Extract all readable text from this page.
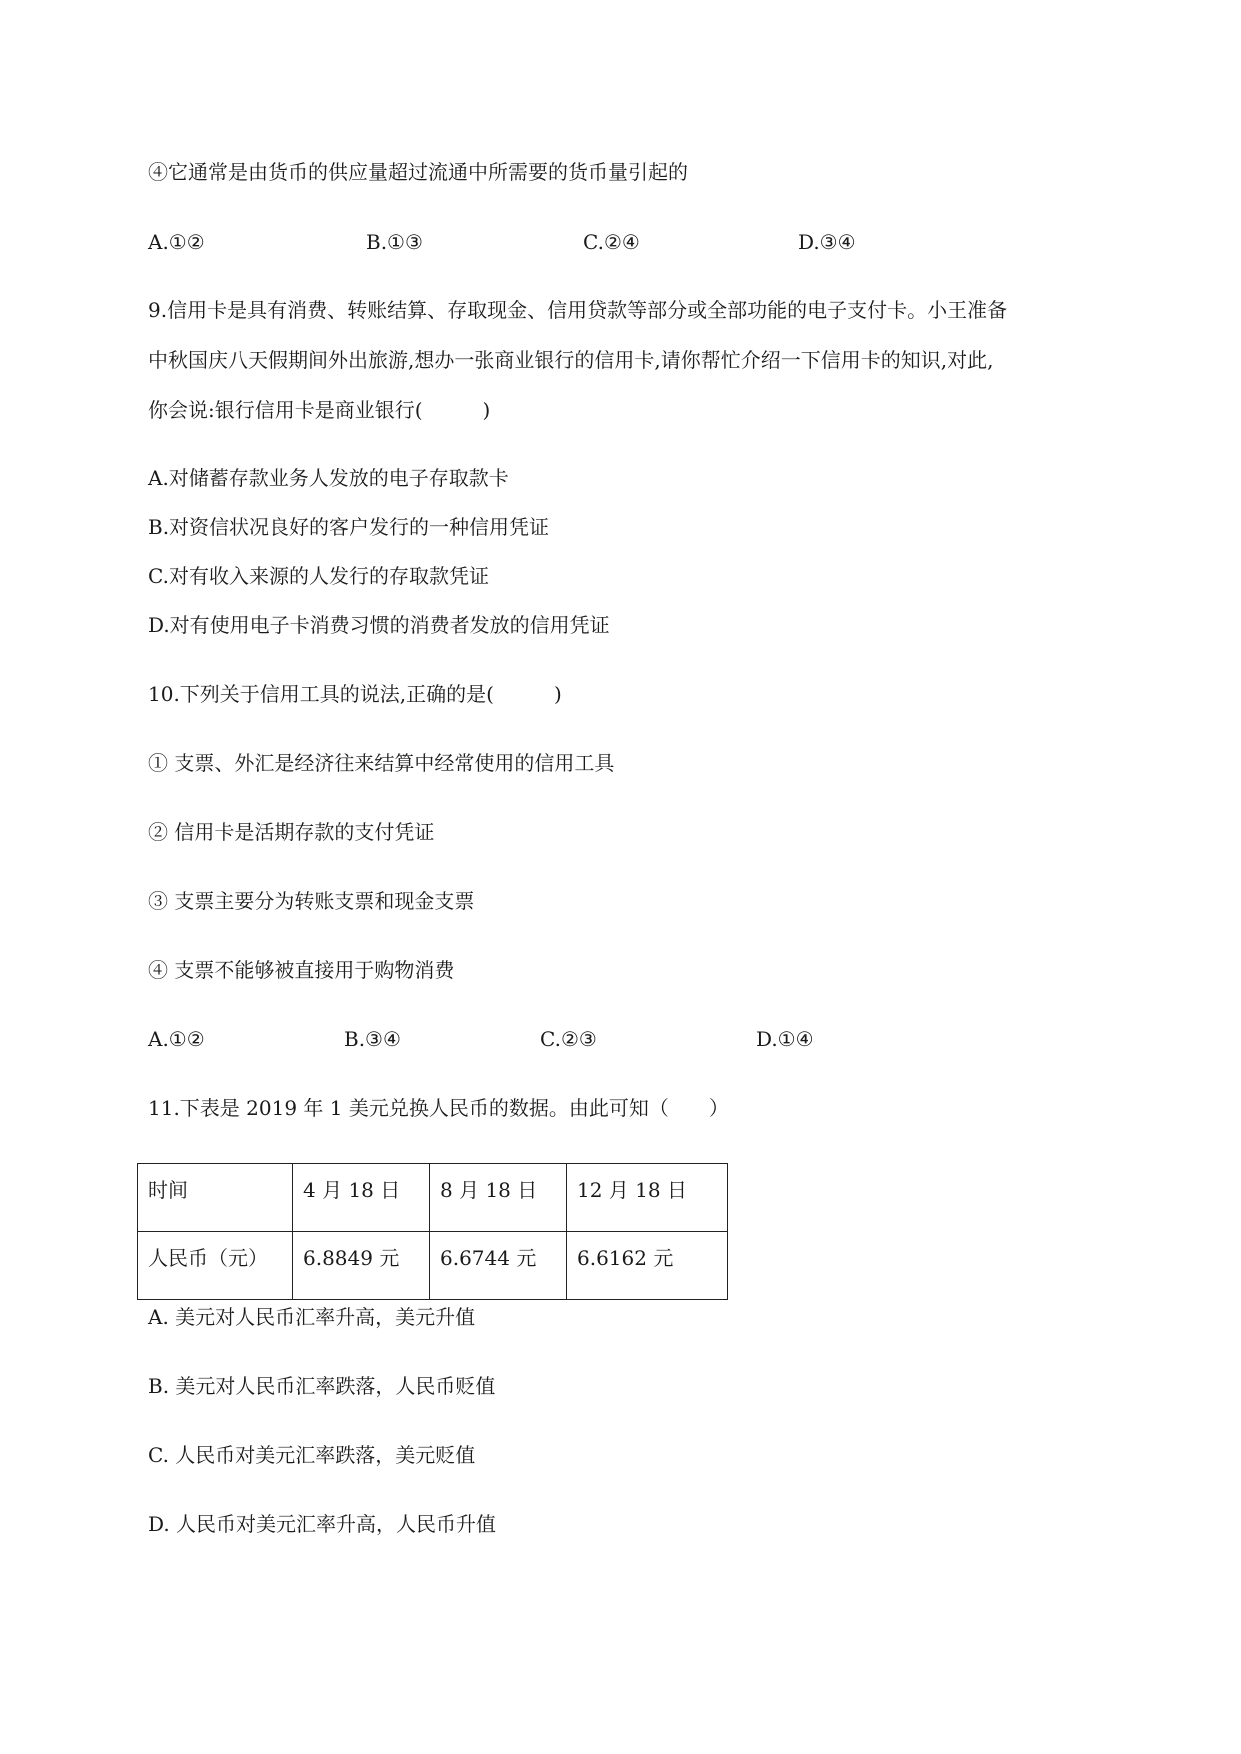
④它通常是由货币的供应量超过流通中所需要的货币量引起的
A.①②	B.①③	C.②④	D.③④
9.信用卡是具有消费、转账结算、存取现金、信用贷款等部分或全部功能的电子支付卡。小王准备
中秋国庆八天假期间外出旅游,想办一张商业银行的信用卡,请你帮忙介绍一下信用卡的知识,对此,
你会说:银行信用卡是商业银行(　　　)
A.对储蓄存款业务人发放的电子存取款卡
B.对资信状况良好的客户发行的一种信用凭证
C.对有收入来源的人发行的存取款凭证
D.对有使用电子卡消费习惯的消费者发放的信用凭证
10.下列关于信用工具的说法,正确的是(　　　)
① 支票、外汇是经济往来结算中经常使用的信用工具
② 信用卡是活期存款的支付凭证
③ 支票主要分为转账支票和现金支票
④ 支票不能够被直接用于购物消费
A.①②	B.③④	C.②③	D.①④
11.下表是 2019 年 1 美元兑换人民币的数据。由此可知（　　）
时间	4 月 18 日	8 月 18 日	12 月 18 日
人民币（元）	6.8849 元	6.6744 元	6.6162 元
A. 美元对人民币汇率升高，美元升值
B. 美元对人民币汇率跌落，人民币贬值
C. 人民币对美元汇率跌落，美元贬值
D. 人民币对美元汇率升高，人民币升值
